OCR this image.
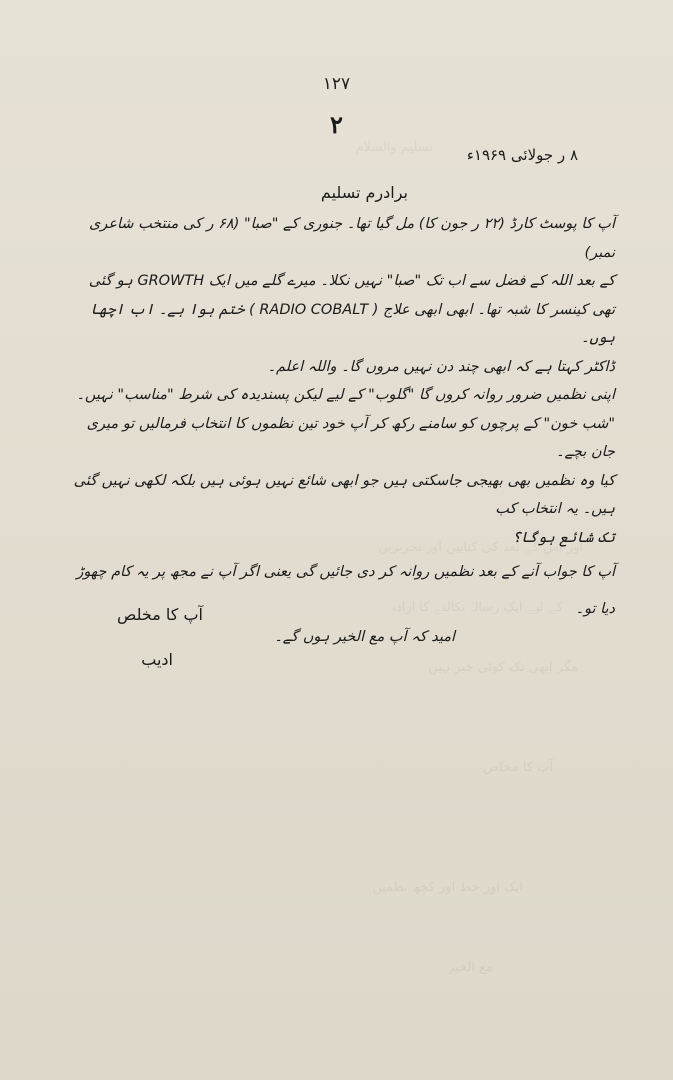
ﺗﺴﻠﯿﻢ ﻭﺍﻟﺴﻼﻡ
ﺍﻭﺭ ﺍﺱ ﮐﮯ ﺑﻌﺪ ﮐﯽ ﮐﺘﺎﺑﯿﮟ ﺍﻭﺭ ﺗﺤﺮﯾﺮﯾﮟ
ﮐﮯ ﻟﯿﮯ ﺍﯾﮏ ﺭﺳﺎﻟﮧ ﻧﮑﺎﻟﻨﮯ ﮐﺎ ﺍﺭﺍﺩﮦ
ﻣﮕﺮ ﺍﺑﮭﯽ ﺗﮏ ﮐﻮﺋﯽ ﺧﺒﺮ ﻧﮩﯿﮟ
ﺁﭖ ﮐﺎ ﻣﺨﻠﺺ
ﺍﯾﮏ ﺍﻭﺭ ﺧﻂ ﺍﻭﺭ ﮐﭽﮫ ﻧﻈﻤﯿﮟ
ﻣﻊ ﺍﻟﺨﯿﺮ
١٢٧
۲
۸ ر جولائی ۱۹۶۹ء
برادرم تسلیم

آپ کا پوسٹ کارڈ (۲۲ ر جون کا) مل گیا تھا۔ جنوری کے "صبا" (۶۸ ر کی منتخب شاعری نمبر)

کے بعد اللہ کے فضل سے اب تک "صبا" نہیں نکلا۔ میرے گلے میں ایک GROWTH ہو گئی

تھی کینسر کا شبہ تھا۔ ابھی ابھی علاج ( RADIO COBALT ) ختم ہوا ہے۔ اب اچھا ہوں۔

ڈاکٹر کہتا ہے کہ ابھی چند دن نہیں مروں گا۔ واللہ اعلم۔

اپنی نظمیں ضرور روانہ کروں گا "گلوب" کے لیے لیکن پسندیدہ کی شرط "مناسب" نہیں۔

"شب خون" کے پرچوں کو سامنے رکھ کر آپ خود تین نظموں کا انتخاب فرمالیں تو میری جان بچے۔

کیا وہ نظمیں بھی بھیجی جاسکتی ہیں جو ابھی شائع نہیں ہوئی ہیں بلکہ لکھی نہیں گئی ہیں۔ یہ انتخاب کب

تک شائع ہوگا؟

آپ کا جواب آنے کے بعد نظمیں روانہ کر دی جائیں گی یعنی اگر آپ نے مجھ پر یہ کام چھوڑ

دیا تو۔

امید کہ آپ مع الخیر ہوں گے۔

آپ کا مخلص
ادیب
